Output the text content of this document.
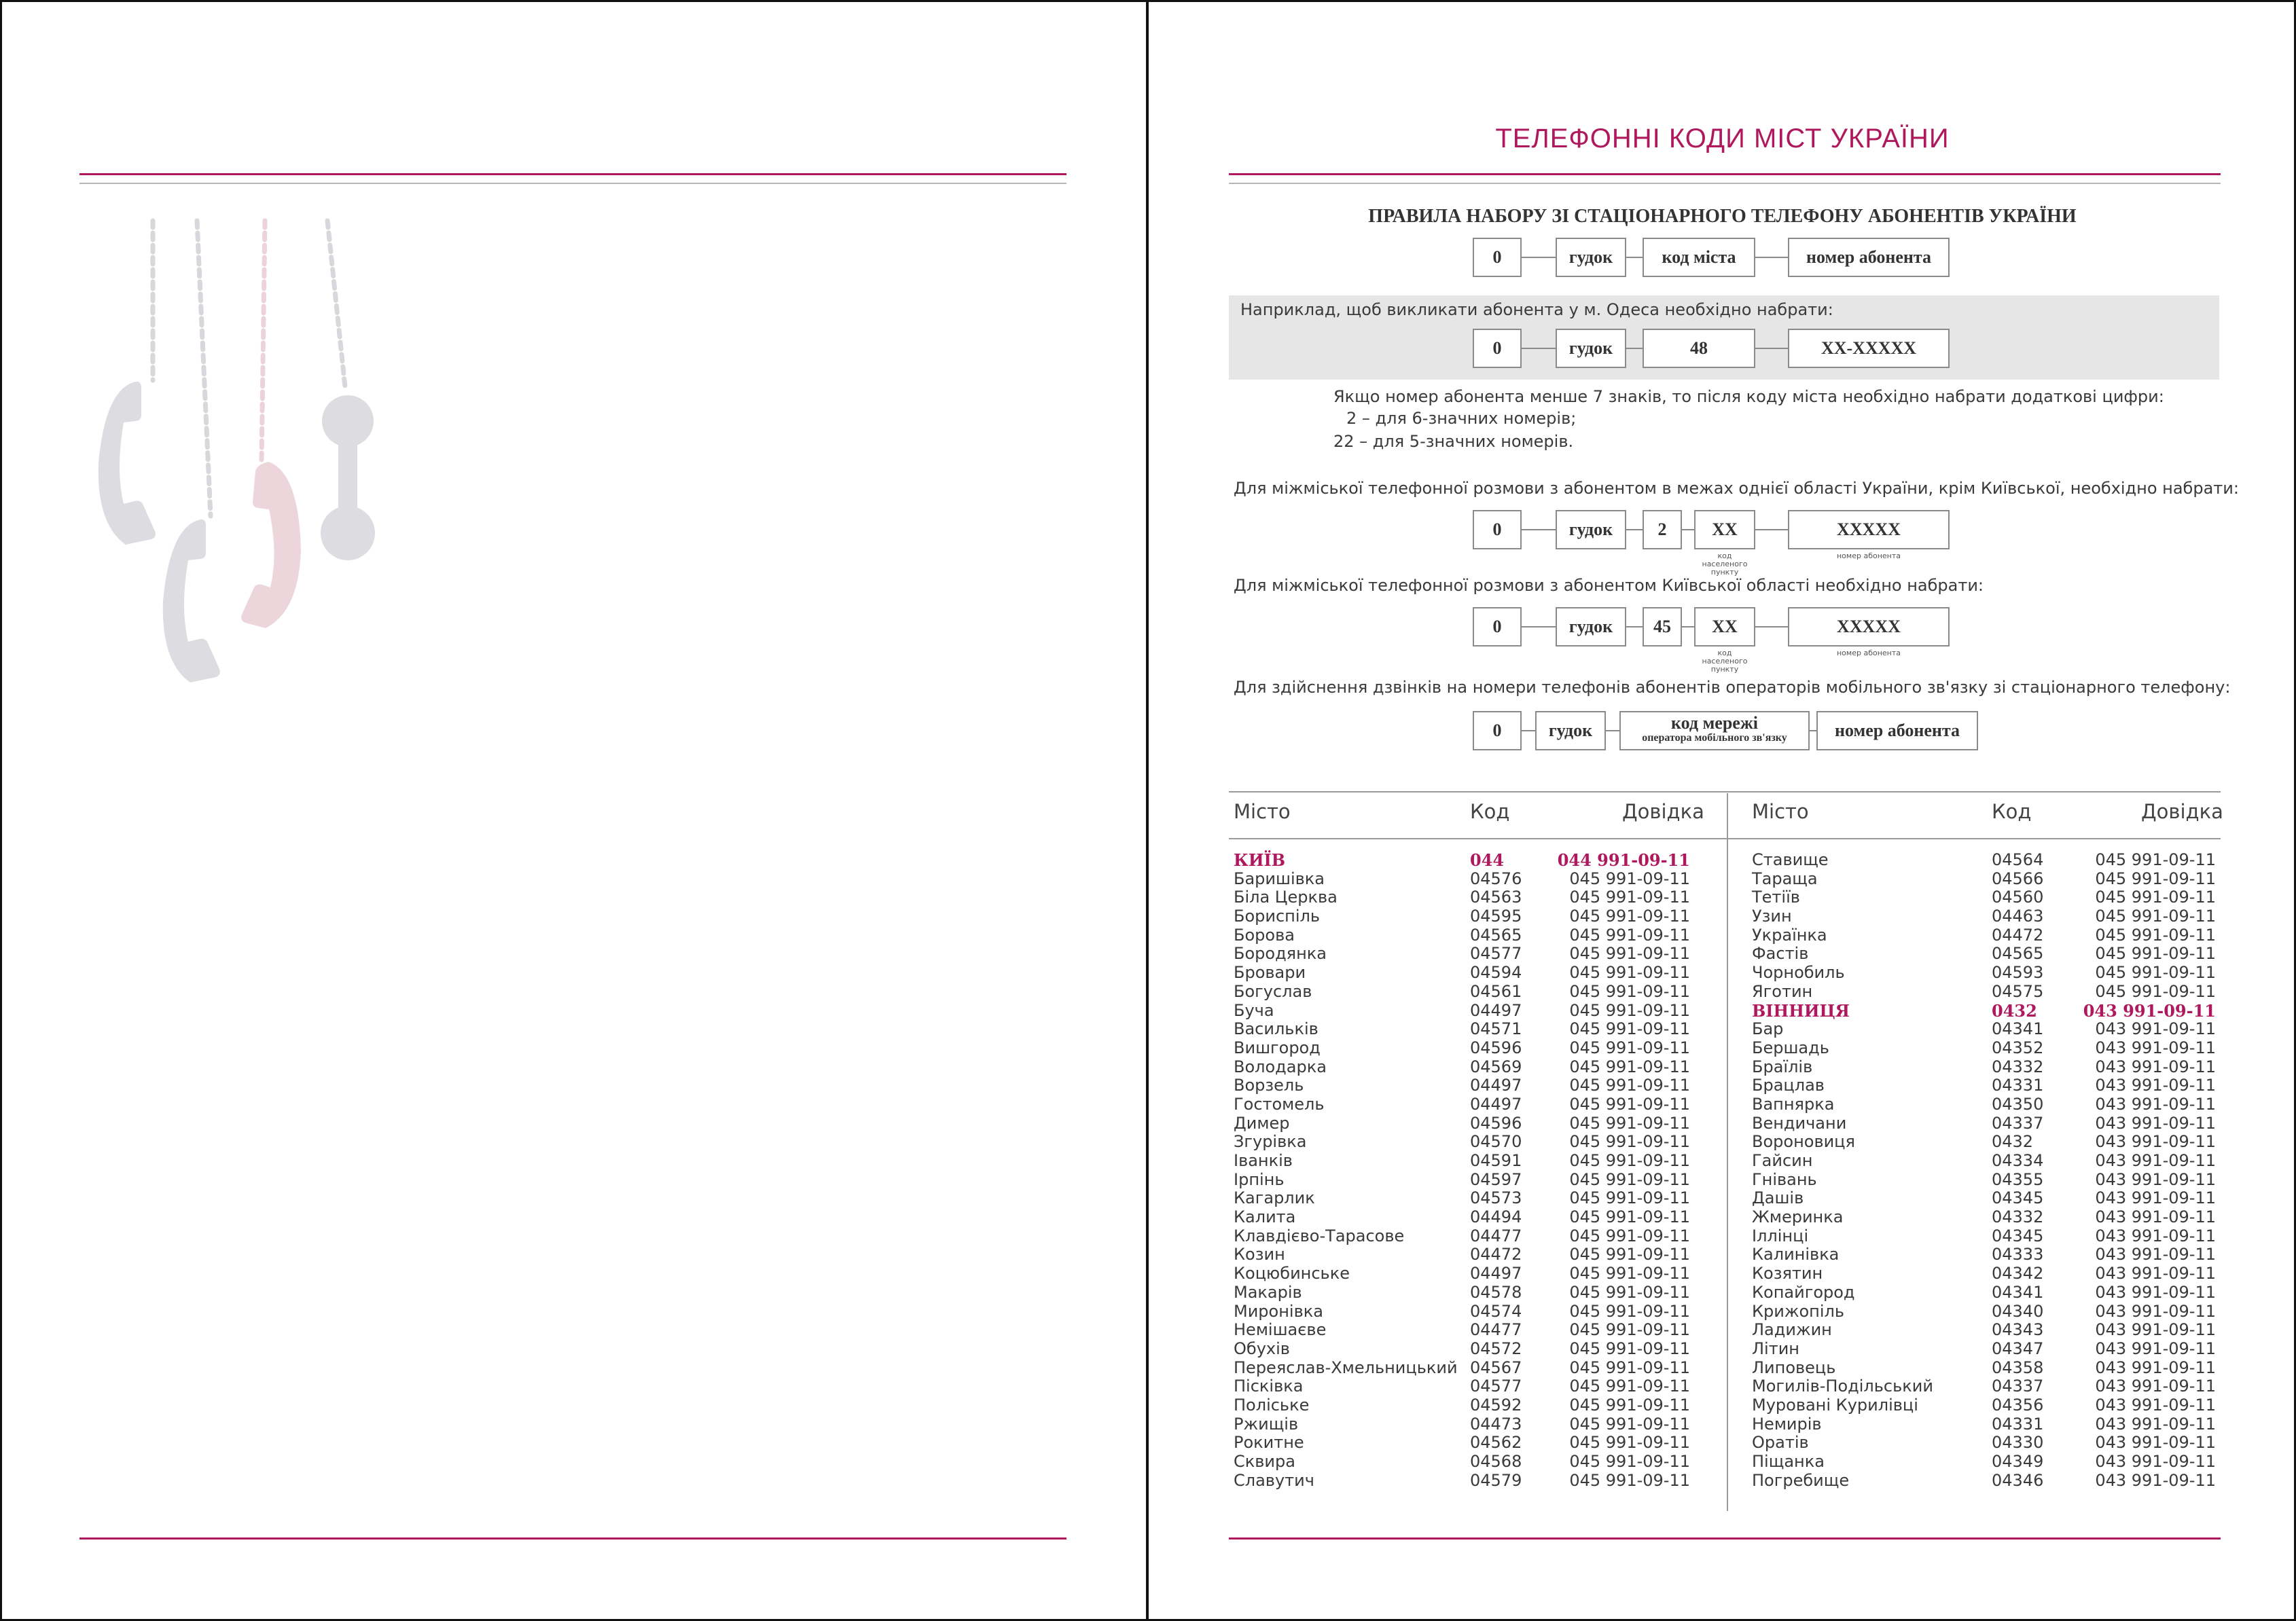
ТЕЛЕФОННІ КОДИ МІСТ УКРАЇНИ
ПРАВИЛА НАБОРУ ЗІ СТАЦІОНАРНОГО ТЕЛЕФОНУ АБОНЕНТІВ УКРАЇНИ
0	гудок	код міста	номер абонента
Наприклад, щоб викликати абонента у м. Одеса необхідно набрати:
0	гудок	48	ХХ-ХХХХХ
Якщо номер абонента менше 7 знаків, то після коду міста необхідно набрати додаткові цифри:
2 – для 6-значних номерів;
22 – для 5-значних номерів.
Для міжміської телефонної розмови з абонентом в межах однієї області України, крім Київської, необхідно набрати:
0	гудок	2	ХХ	ХХХХХ
код населеного
пункту
номер абонента
Для міжміської телефонної розмови з абонентом Київської області необхідно набрати:
0	гудок	45	ХХ	ХХХХХ
код населеного
пункту
номер абонента
Для здійснення дзвінків на номери телефонів абонентів операторів мобільного зв'язку зі стаціонарного телефону:
0	гудок	код мережі
оператора мобільного зв'язку	номер абонента
Місто	Код	Довідка Місто	Код	Довідка
КИЇВ	044	044 991-09-11
Баришівка	04576	045 991-09-11
Біла Церква	04563	045 991-09-11
Бориспіль	04595	045 991-09-11
Борова	04565	045 991-09-11
Бородянка	04577	045 991-09-11
Бровари	04594	045 991-09-11
Богуслав	04561	045 991-09-11
Буча	04497	045 991-09-11
Васильків	04571	045 991-09-11
Вишгород	04596	045 991-09-11
Володарка	04569	045 991-09-11
Ворзель	04497	045 991-09-11
Гостомель	04497	045 991-09-11
Димер	04596	045 991-09-11
Згурівка	04570	045 991-09-11
Іванків	04591	045 991-09-11
Ірпінь	04597	045 991-09-11
Кагарлик	04573	045 991-09-11
Калита	04494	045 991-09-11
Клавдієво-Тарасове	04477	045 991-09-11
Козин	04472	045 991-09-11
Коцюбинське	04497	045 991-09-11
Макарів	04578	045 991-09-11
Миронівка	04574	045 991-09-11
Немішаєве	04477	045 991-09-11
Обухів	04572	045 991-09-11
Переяслав-Хмельницький 04567	045 991-09-11
Пісківка	04577	045 991-09-11
Поліське	04592	045 991-09-11
Ржищів	04473	045 991-09-11
Рокитне	04562	045 991-09-11
Сквира	04568	045 991-09-11
Славутич	04579	045 991-09-11
Ставище	04564	045 991-09-11
Тараща	04566	045 991-09-11
Тетіїв	04560	045 991-09-11
Узин	04463	045 991-09-11
Українка	04472	045 991-09-11
Фастів	04565	045 991-09-11
Чорнобиль	04593	045 991-09-11
Яготин	04575	045 991-09-11
ВІННИЦЯ	0432	043 991-09-11
Бар	04341	043 991-09-11
Бершадь	04352	043 991-09-11
Браїлів	04332	043 991-09-11
Брацлав	04331	043 991-09-11
Вапнярка	04350	043 991-09-11
Вендичани	04337	043 991-09-11
Вороновиця	0432	043 991-09-11
Гайсин	04334	043 991-09-11
Гнівань	04355	043 991-09-11
Дашів	04345	043 991-09-11
Жмеринка	04332	043 991-09-11
Іллінці	04345	043 991-09-11
Калинівка	04333	043 991-09-11
Козятин	04342	043 991-09-11
Копайгород	04341	043 991-09-11
Крижопіль	04340	043 991-09-11
Ладижин	04343	043 991-09-11
Літин	04347	043 991-09-11
Липовець	04358	043 991-09-11
Могилів-Подільський	04337	043 991-09-11
Муровані Курилівці	04356	043 991-09-11
Немирів	04331	043 991-09-11
Оратів	04330	043 991-09-11
Піщанка	04349	043 991-09-11
Погребище	04346	043 991-09-11
